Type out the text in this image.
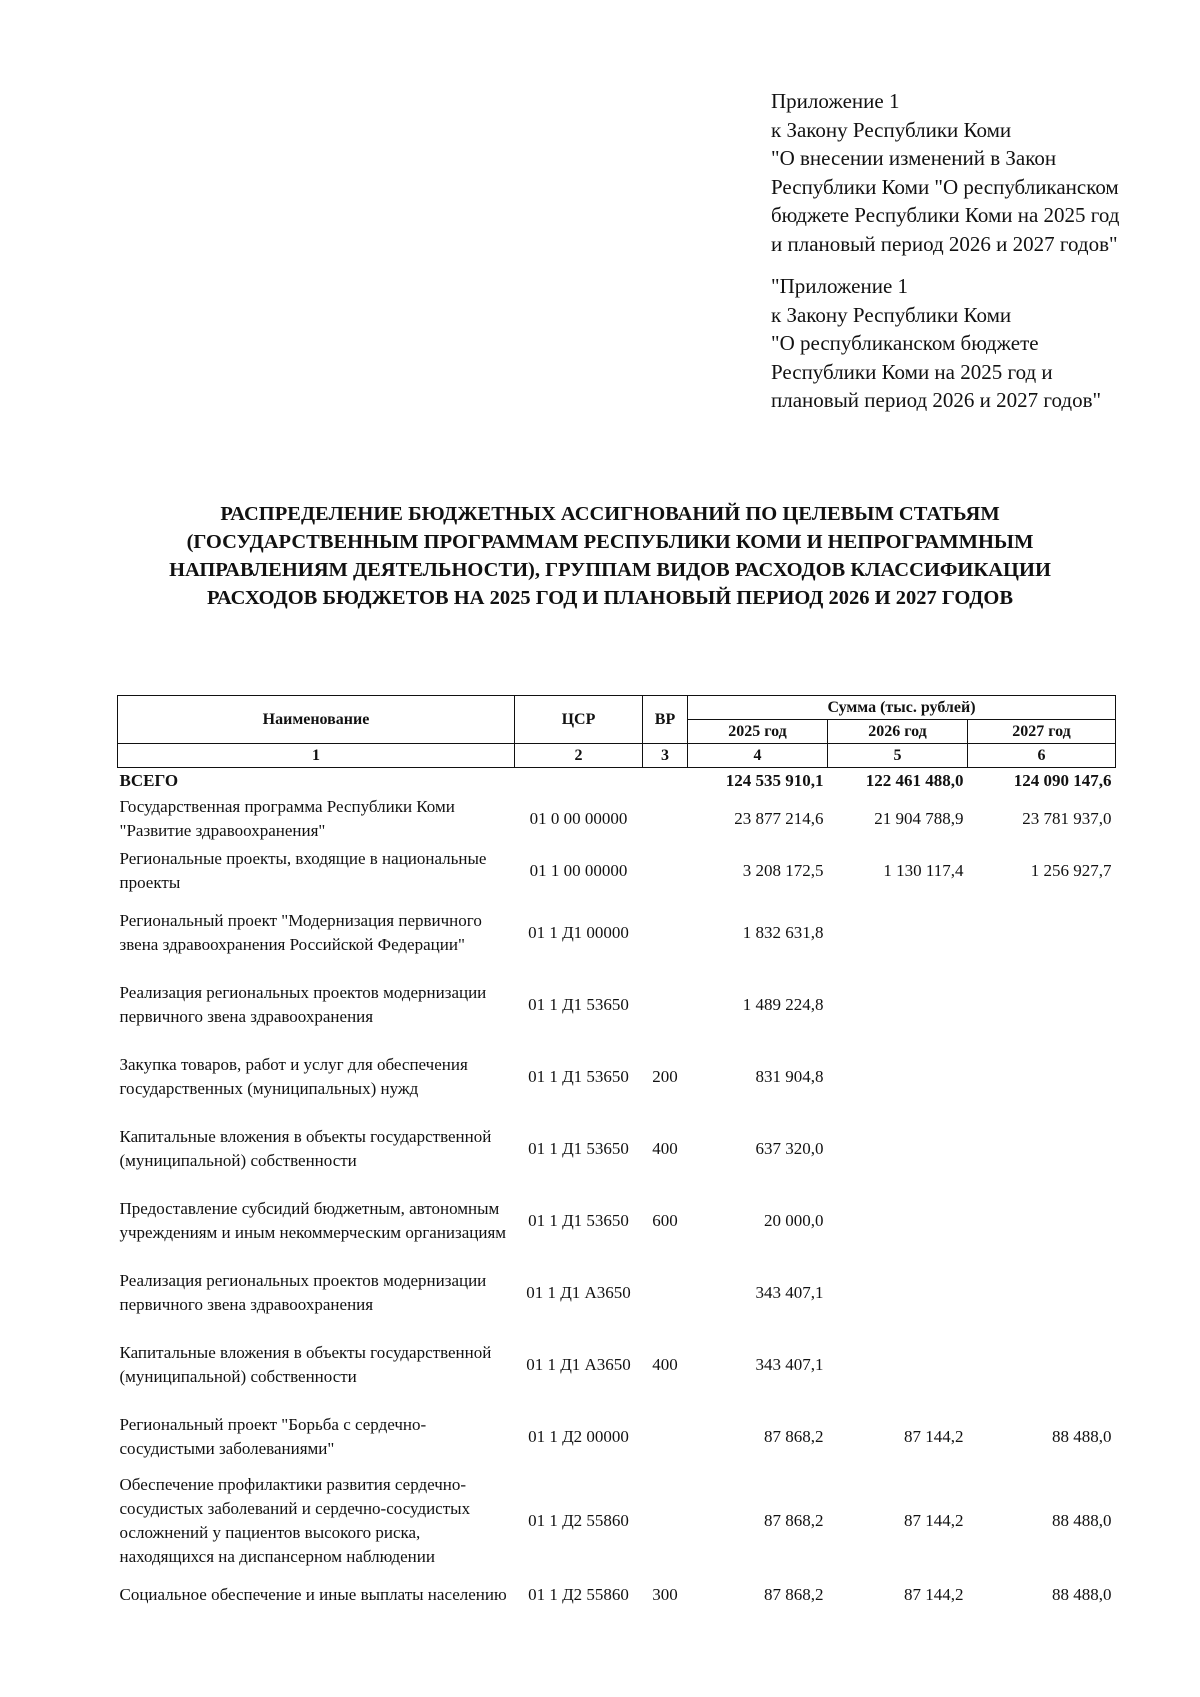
Приложение 1
к Закону Республики Коми
"О внесении изменений в Закон
Республики Коми "О республиканском
бюджете Республики Коми на 2025 год
и плановый период 2026 и 2027 годов"
"Приложение 1
к Закону Республики Коми
"О республиканском бюджете
Республики Коми на 2025 год и
плановый период 2026 и 2027 годов"
РАСПРЕДЕЛЕНИЕ БЮДЖЕТНЫХ АССИГНОВАНИЙ ПО ЦЕЛЕВЫМ СТАТЬЯМ
(ГОСУДАРСТВЕННЫМ ПРОГРАММАМ РЕСПУБЛИКИ КОМИ И НЕПРОГРАММНЫМ
НАПРАВЛЕНИЯМ ДЕЯТЕЛЬНОСТИ), ГРУППАМ ВИДОВ РАСХОДОВ КЛАССИФИКАЦИИ
РАСХОДОВ БЮДЖЕТОВ НА 2025 ГОД И ПЛАНОВЫЙ ПЕРИОД 2026 И 2027 ГОДОВ
Наименование	ЦСР	ВР	Сумма (тыс. рублей)		
			2025 год	2026 год	2027 год
1	2	3	4	5	6
ВСЕГО			124 535 910,1	122 461 488,0	124 090 147,6
Государственная программа Республики Коми "Развитие здравоохранения"	01 0 00 00000		23 877 214,6	21 904 788,9	23 781 937,0
Региональные проекты, входящие в национальные проекты	01 1 00 00000		3 208 172,5	1 130 117,4	1 256 927,7
Региональный проект "Модернизация первичного звена здравоохранения Российской Федерации"	01 1 Д1 00000		1 832 631,8		
Реализация региональных проектов модернизации первичного звена здравоохранения	01 1 Д1 53650		1 489 224,8		
Закупка товаров, работ и услуг для обеспечения государственных (муниципальных) нужд	01 1 Д1 53650	200	831 904,8		
Капитальные вложения в объекты государственной (муниципальной) собственности	01 1 Д1 53650	400	637 320,0		
Предоставление субсидий бюджетным, автономным учреждениям и иным некоммерческим организациям	01 1 Д1 53650	600	20 000,0		
Реализация региональных проектов модернизации первичного звена здравоохранения	01 1 Д1 А3650		343 407,1		
Капитальные вложения в объекты государственной (муниципальной) собственности	01 1 Д1 А3650	400	343 407,1		
Региональный проект "Борьба с сердечно-сосудистыми заболеваниями"	01 1 Д2 00000		87 868,2	87 144,2	88 488,0
Обеспечение профилактики развития сердечно-сосудистых заболеваний и сердечно-сосудистых осложнений у пациентов высокого риска, находящихся на диспансерном наблюдении	01 1 Д2 55860		87 868,2	87 144,2	88 488,0
Социальное обеспечение и иные выплаты населению	01 1 Д2 55860	300	87 868,2	87 144,2	88 488,0
